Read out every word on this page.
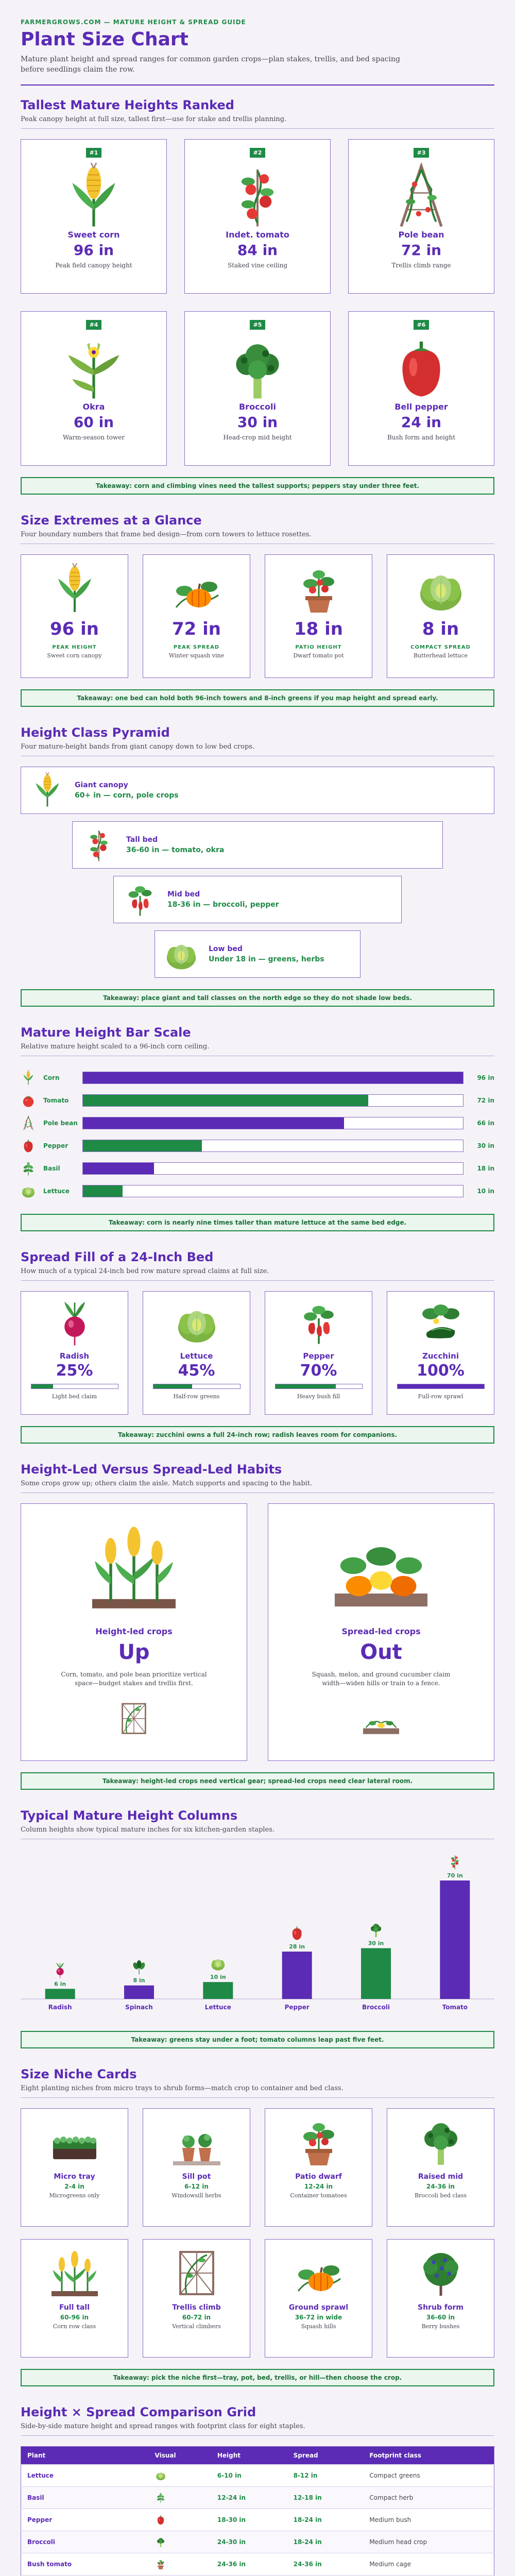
FARMERGROWS.COM — MATURE HEIGHT & SPREAD GUIDE
Plant Size Chart

Mature plant height and spread ranges for common garden crops—plan stakes, trellis, and bed spacing before seedlings claim the row.

Tallest Mature Heights Ranked

Peak canopy height at full size, tallest first—use for stake and trellis planning.

#1
Sweet corn
96 in
Peak field canopy height
#2
Indet. tomato
84 in
Staked vine ceiling
#3
Pole bean
72 in
Trellis climb range
#4
Okra
60 in
Warm-season tower
#5
Broccoli
30 in
Head-crop mid height
#6
Bell pepper
24 in
Bush form and height
Takeaway: corn and climbing vines need the tallest supports; peppers stay under three feet.
Size Extremes at a Glance

Four boundary numbers that frame bed design—from corn towers to lettuce rosettes.

96 in
PEAK HEIGHT
Sweet corn canopy
72 in
PEAK SPREAD
Winter squash vine
18 in
PATIO HEIGHT
Dwarf tomato pot
8 in
COMPACT SPREAD
Butterhead lettuce
Takeaway: one bed can hold both 96-inch towers and 8-inch greens if you map height and spread early.
Height Class Pyramid

Four mature-height bands from giant canopy down to low bed crops.

Giant canopy
60+ in — corn, pole crops
Tall bed
36-60 in — tomato, okra
Mid bed
18-36 in — broccoli, pepper
Low bed
Under 18 in — greens, herbs
Takeaway: place giant and tall classes on the north edge so they do not shade low beds.
Mature Height Bar Scale

Relative mature height scaled to a 96-inch corn ceiling.

Corn	96 in
Tomato	72 in
Pole bean	66 in
Pepper	30 in
Basil	18 in
Lettuce	10 in
Takeaway: corn is nearly nine times taller than mature lettuce at the same bed edge.
Spread Fill of a 24-Inch Bed

How much of a typical 24-inch bed row mature spread claims at full size.

Radish
25%
Light bed claim
Lettuce
45%
Half-row greens
Pepper
70%
Heavy bush fill
Zucchini
100%
Full-row sprawl
Takeaway: zucchini owns a full 24-inch row; radish leaves room for companions.
Height-Led Versus Spread-Led Habits

Some crops grow up; others claim the aisle. Match supports and spacing to the habit.

Height-led crops
Up
Corn, tomato, and pole bean prioritize vertical space—budget stakes and trellis first.
Spread-led crops
Out
Squash, melon, and ground cucumber claim width—widen hills or train to a fence.
Takeaway: height-led crops need vertical gear; spread-led crops need clear lateral room.
Typical Mature Height Columns

Column heights show typical mature inches for six kitchen-garden staples.

6 in
Radish
8 in
Spinach
10 in
Lettuce
28 in
Pepper
30 in
Broccoli
70 in
Tomato
Takeaway: greens stay under a foot; tomato columns leap past five feet.
Size Niche Cards

Eight planting niches from micro trays to shrub forms—match crop to container and bed class.

Micro tray
2-4 in
Microgreens only
Sill pot
6-12 in
Windowsill herbs
Patio dwarf
12-24 in
Container tomatoes
Raised mid
24-36 in
Broccoli bed class
Full tall
60-96 in
Corn row class
Trellis climb
60-72 in
Vertical climbers
Ground sprawl
36-72 in wide
Squash hills
Shrub form
36-60 in
Berry bushes
Takeaway: pick the niche first—tray, pot, bed, trellis, or hill—then choose the crop.
Height × Spread Comparison Grid

Side-by-side mature height and spread ranges with footprint class for eight staples.

Plant	Visual	Height	Spread	Footprint class
Lettuce		6-10 in	8-12 in	Compact greens
Basil		12-24 in	12-18 in	Compact herb
Pepper		18-30 in	18-24 in	Medium bush
Broccoli		24-30 in	18-24 in	Medium head crop
Bush tomato		24-36 in	24-36 in	Medium cage
